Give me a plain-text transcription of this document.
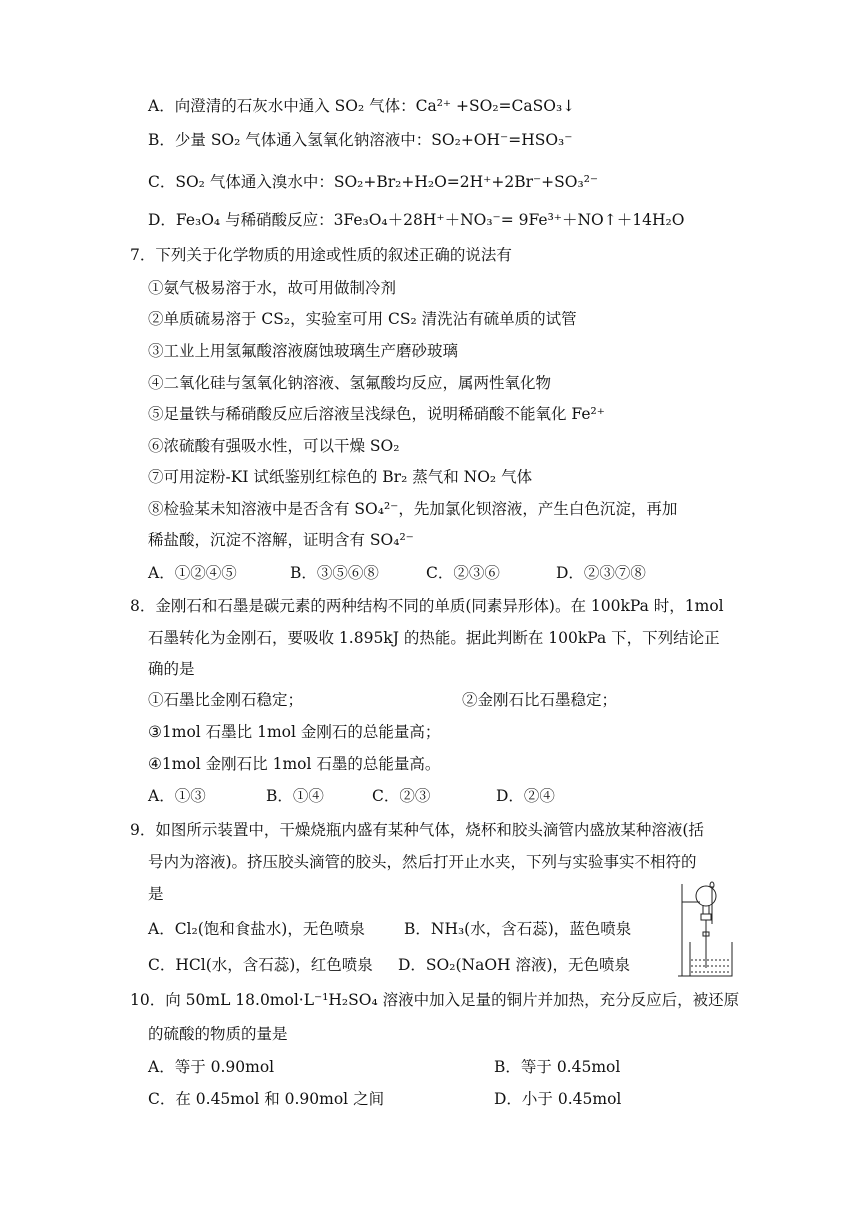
A．向澄清的石灰水中通入 SO₂ 气体：Ca²⁺ +SO₂=CaSO₃↓
B．少量 SO₂ 气体通入氢氧化钠溶液中：SO₂+OH⁻=HSO₃⁻
C．SO₂ 气体通入溴水中：SO₂+Br₂+H₂O=2H⁺+2Br⁻+SO₃²⁻
D．Fe₃O₄ 与稀硝酸反应：3Fe₃O₄＋28H⁺＋NO₃⁻= 9Fe³⁺＋NO↑＋14H₂O
7．下列关于化学物质的用途或性质的叙述正确的说法有
①氨气极易溶于水，故可用做制冷剂
②单质硫易溶于 CS₂，实验室可用 CS₂ 清洗沾有硫单质的试管
③工业上用氢氟酸溶液腐蚀玻璃生产磨砂玻璃
④二氧化硅与氢氧化钠溶液、氢氟酸均反应，属两性氧化物
⑤足量铁与稀硝酸反应后溶液呈浅绿色，说明稀硝酸不能氧化 Fe²⁺
⑥浓硫酸有强吸水性，可以干燥 SO₂
⑦可用淀粉-KI 试纸鉴别红棕色的 Br₂ 蒸气和 NO₂ 气体
⑧检验某未知溶液中是否含有 SO₄²⁻，先加氯化钡溶液，产生白色沉淀，再加
稀盐酸，沉淀不溶解，证明含有 SO₄²⁻
A．①②④⑤	B．③⑤⑥⑧	C．②③⑥	D．②③⑦⑧
8．金刚石和石墨是碳元素的两种结构不同的单质(同素异形体)。在 100kPa 时，1mol
石墨转化为金刚石，要吸收 1.895kJ 的热能。据此判断在 100kPa 下，下列结论正
确的是
①石墨比金刚石稳定；	②金刚石比石墨稳定；
③1mol 石墨比 1mol 金刚石的总能量高；
④1mol 金刚石比 1mol 石墨的总能量高。
A．①③	B．①④	C．②③	D．②④
9．如图所示装置中，干燥烧瓶内盛有某种气体，烧杯和胶头滴管内盛放某种溶液(括
号内为溶液)。挤压胶头滴管的胶头，然后打开止水夹，下列与实验事实不相符的
是
A．Cl₂(饱和食盐水)，无色喷泉	B．NH₃(水，含石蕊)，蓝色喷泉
C．HCl(水，含石蕊)，红色喷泉 D．SO₂(NaOH 溶液)，无色喷泉
10．向 50mL 18.0mol·L⁻¹H₂SO₄ 溶液中加入足量的铜片并加热，充分反应后，被还原
的硫酸的物质的量是
A．等于 0.90mol	B．等于 0.45mol
C．在 0.45mol 和 0.90mol 之间	D．小于 0.45mol
